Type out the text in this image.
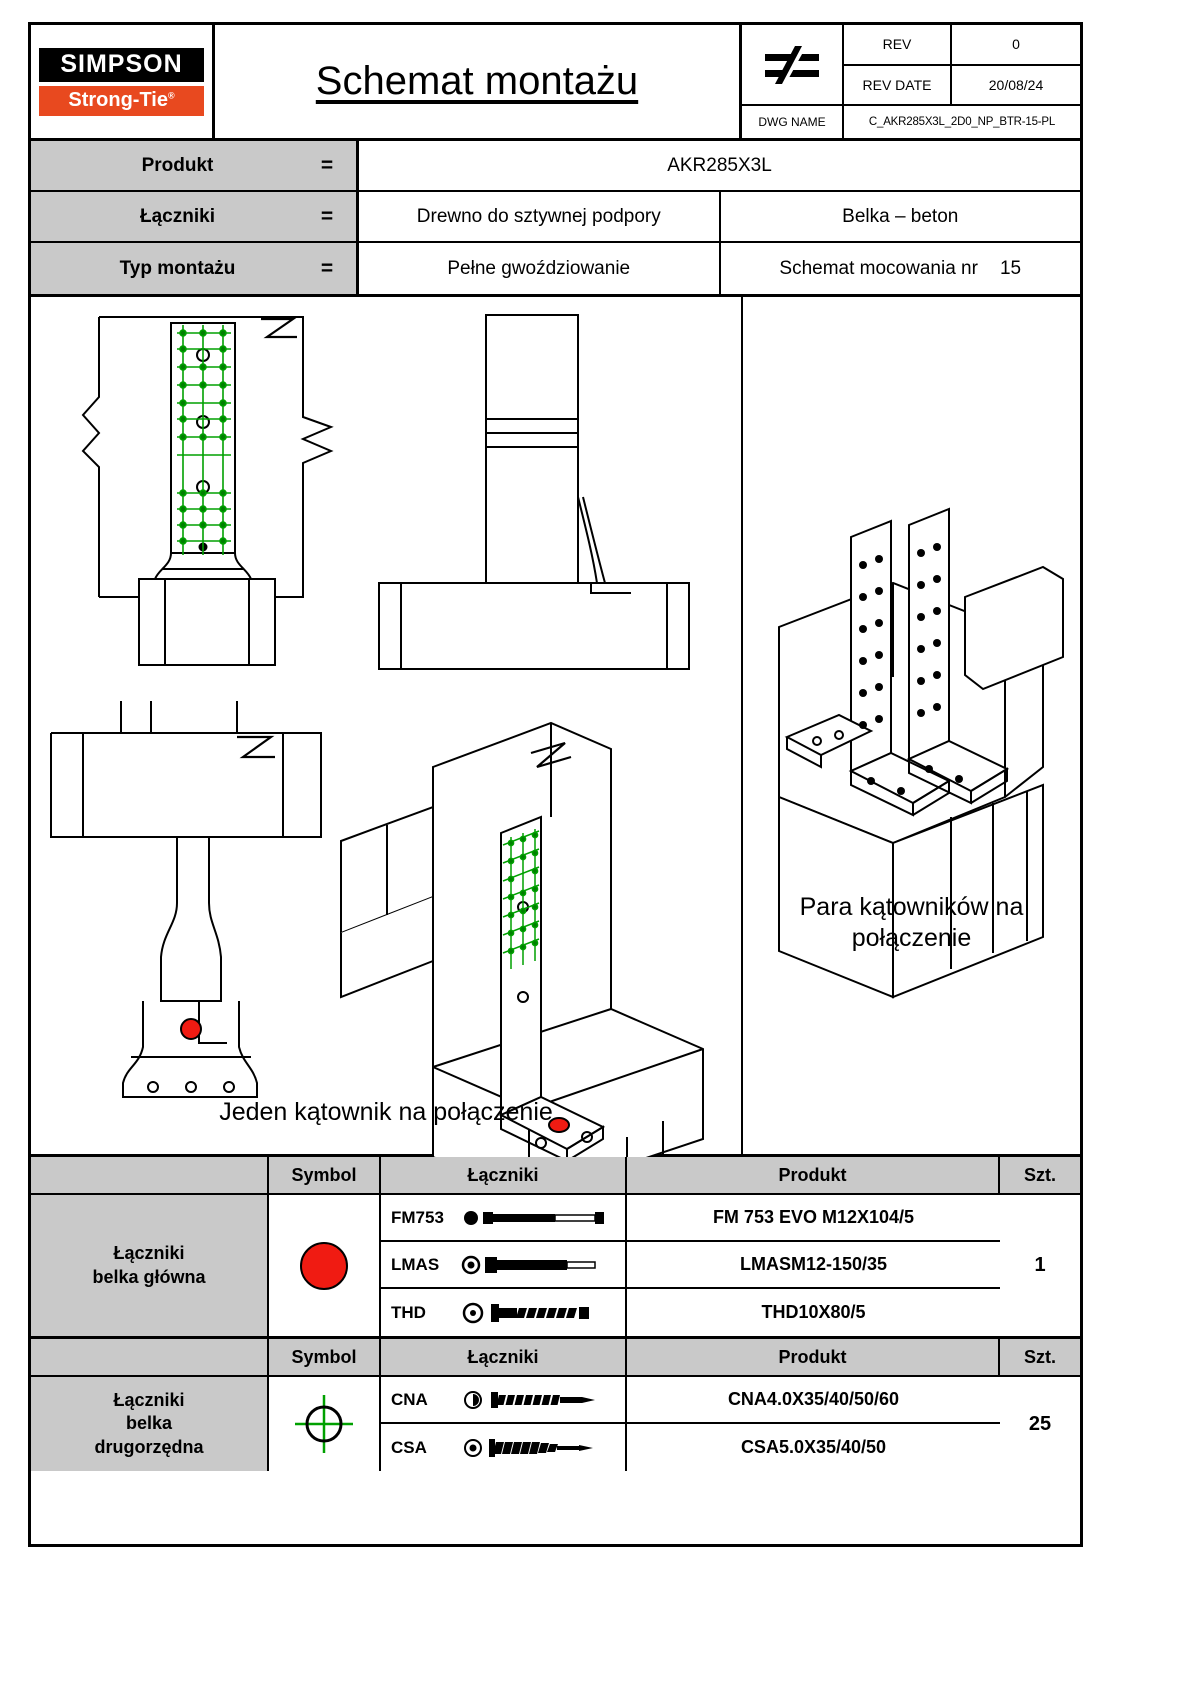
SIMPSON
Strong-Tie®	Schemat montażu
REV	0
REV DATE	20/08/24
DWG NAME	C_AKR285X3L_2D0_NP_BTR-15-PL
Produkt	=	AKR285X3L
Łączniki	=	Drewno do sztywnej podpory	Belka – beton
Typ montażu	=	Pełne gwoździowanie	Schemat mocowania nr 15
Jeden kątownik na połączenie
Para kątowników na
połączenie
Symbol	Łączniki	Produkt	Szt.
Łączniki
belka główna
FM753	FM 753 EVO M12X104/5
LMAS	LMASM12-150/35
THD	THD10X80/5
1
Symbol	Łączniki	Produkt	Szt.
Łączniki
belka
drugorzędna
CNA	CNA4.0X35/40/50/60
CSA	CSA5.0X35/40/50
25
